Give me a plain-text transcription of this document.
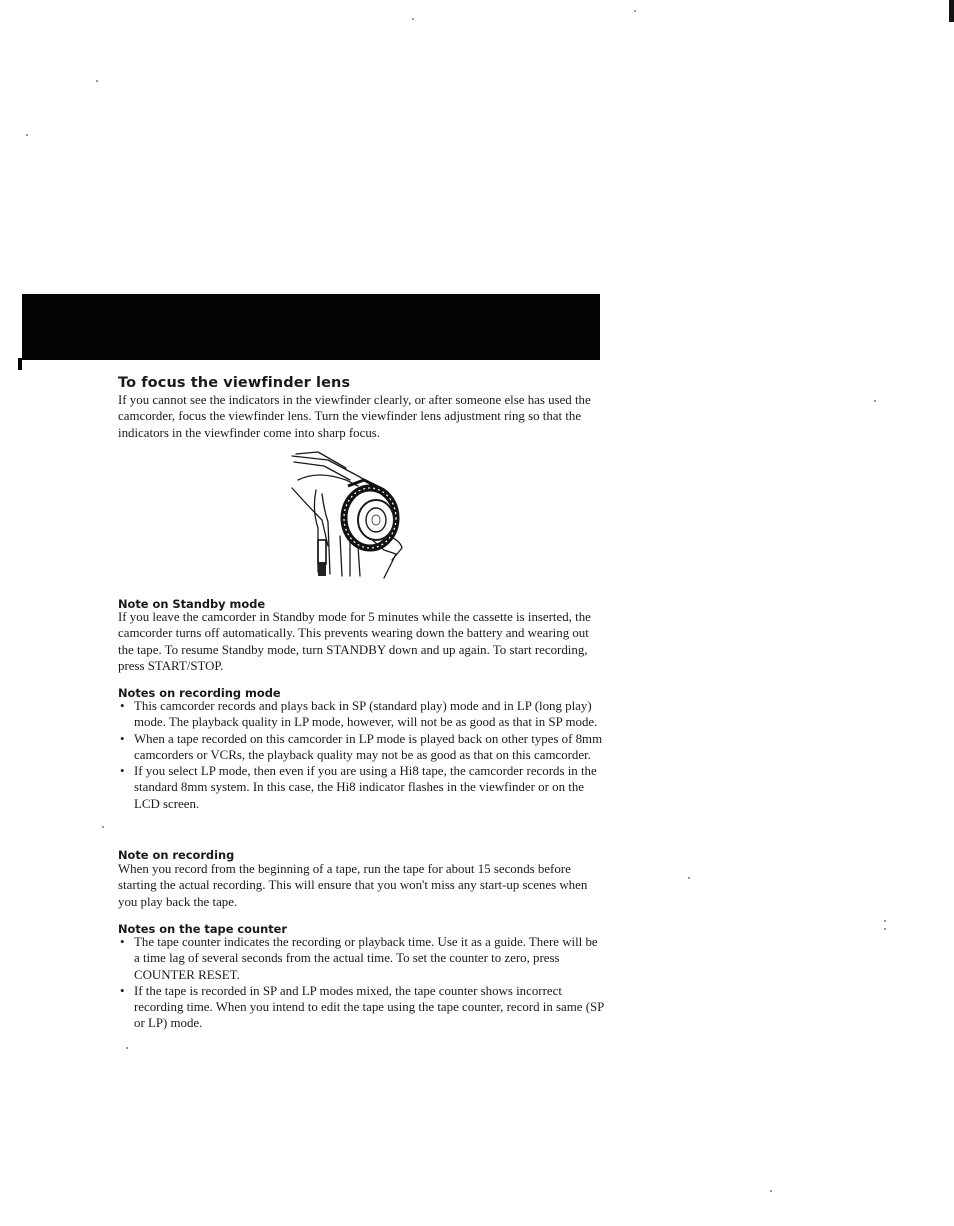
To focus the viewfinder lens

If you cannot see the indicators in the viewfinder clearly, or after someone else has used the camcorder, focus the viewfinder lens. Turn the viewfinder lens adjustment ring so that the indicators in the viewfinder come into sharp focus.

Note on Standby mode

If you leave the camcorder in Standby mode for 5 minutes while the cassette is inserted, the camcorder turns off automatically. This prevents wearing down the battery and wearing out the tape. To resume Standby mode, turn STANDBY down and up again. To start recording, press START/STOP.

Notes on recording mode
• This camcorder records and plays back in SP (standard play) mode and in LP (long play) mode. The playback quality in LP mode, however, will not be as good as that in SP mode.
• When a tape recorded on this camcorder in LP mode is played back on other types of 8mm camcorders or VCRs, the playback quality may not be as good as that on this camcorder.
• If you select LP mode, then even if you are using a Hi8 tape, the camcorder records in the standard 8mm system. In this case, the Hi8 indicator flashes in the viewfinder or on the LCD screen.
Note on recording

When you record from the beginning of a tape, run the tape for about 15 seconds before starting the actual recording. This will ensure that you won't miss any start-up scenes when you play back the tape.

Notes on the tape counter
• The tape counter indicates the recording or playback time. Use it as a guide. There will be a time lag of several seconds from the actual time. To set the counter to zero, press COUNTER RESET.
• If the tape is recorded in SP and LP modes mixed, the tape counter shows incorrect recording time. When you intend to edit the tape using the tape counter, record in same (SP or LP) mode.
